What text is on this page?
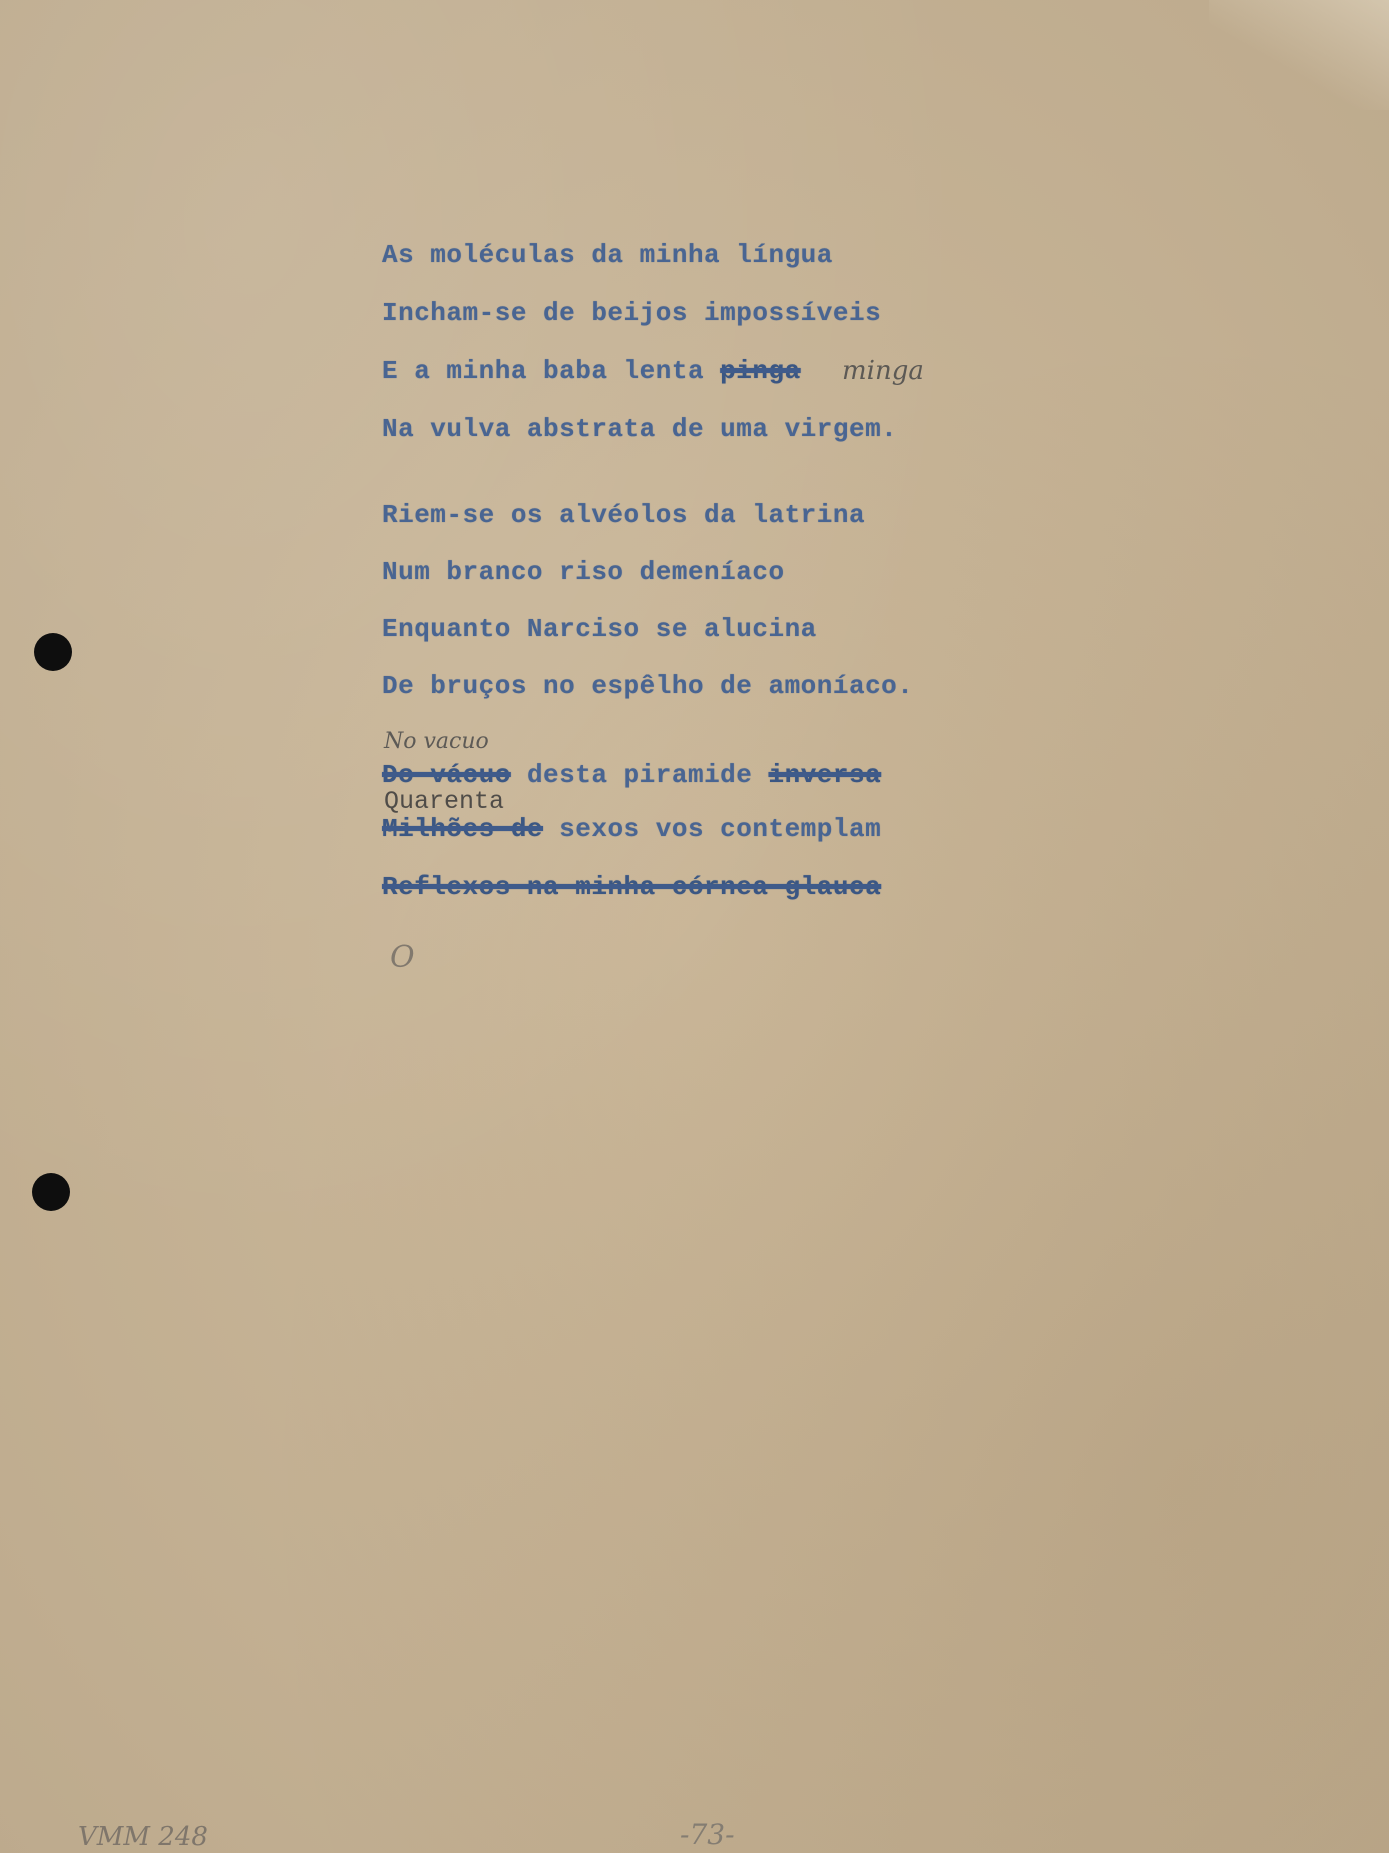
As moléculas da minha língua
Incham-se de beijos impossíveis
E a minha baba lenta pinga minga
Na vulva abstrata de uma virgem.
Riem-se os alvéolos da latrina
Num branco riso demeníaco
Enquanto Narciso se alucina
De bruços no espêlho de amoníaco.
No vacuo
Do vácuo desta piramide inversa
Quarenta
Milhões de sexos vos contemplam
Reflexos na minha córnea glauca
O
VMM 248	-73-
